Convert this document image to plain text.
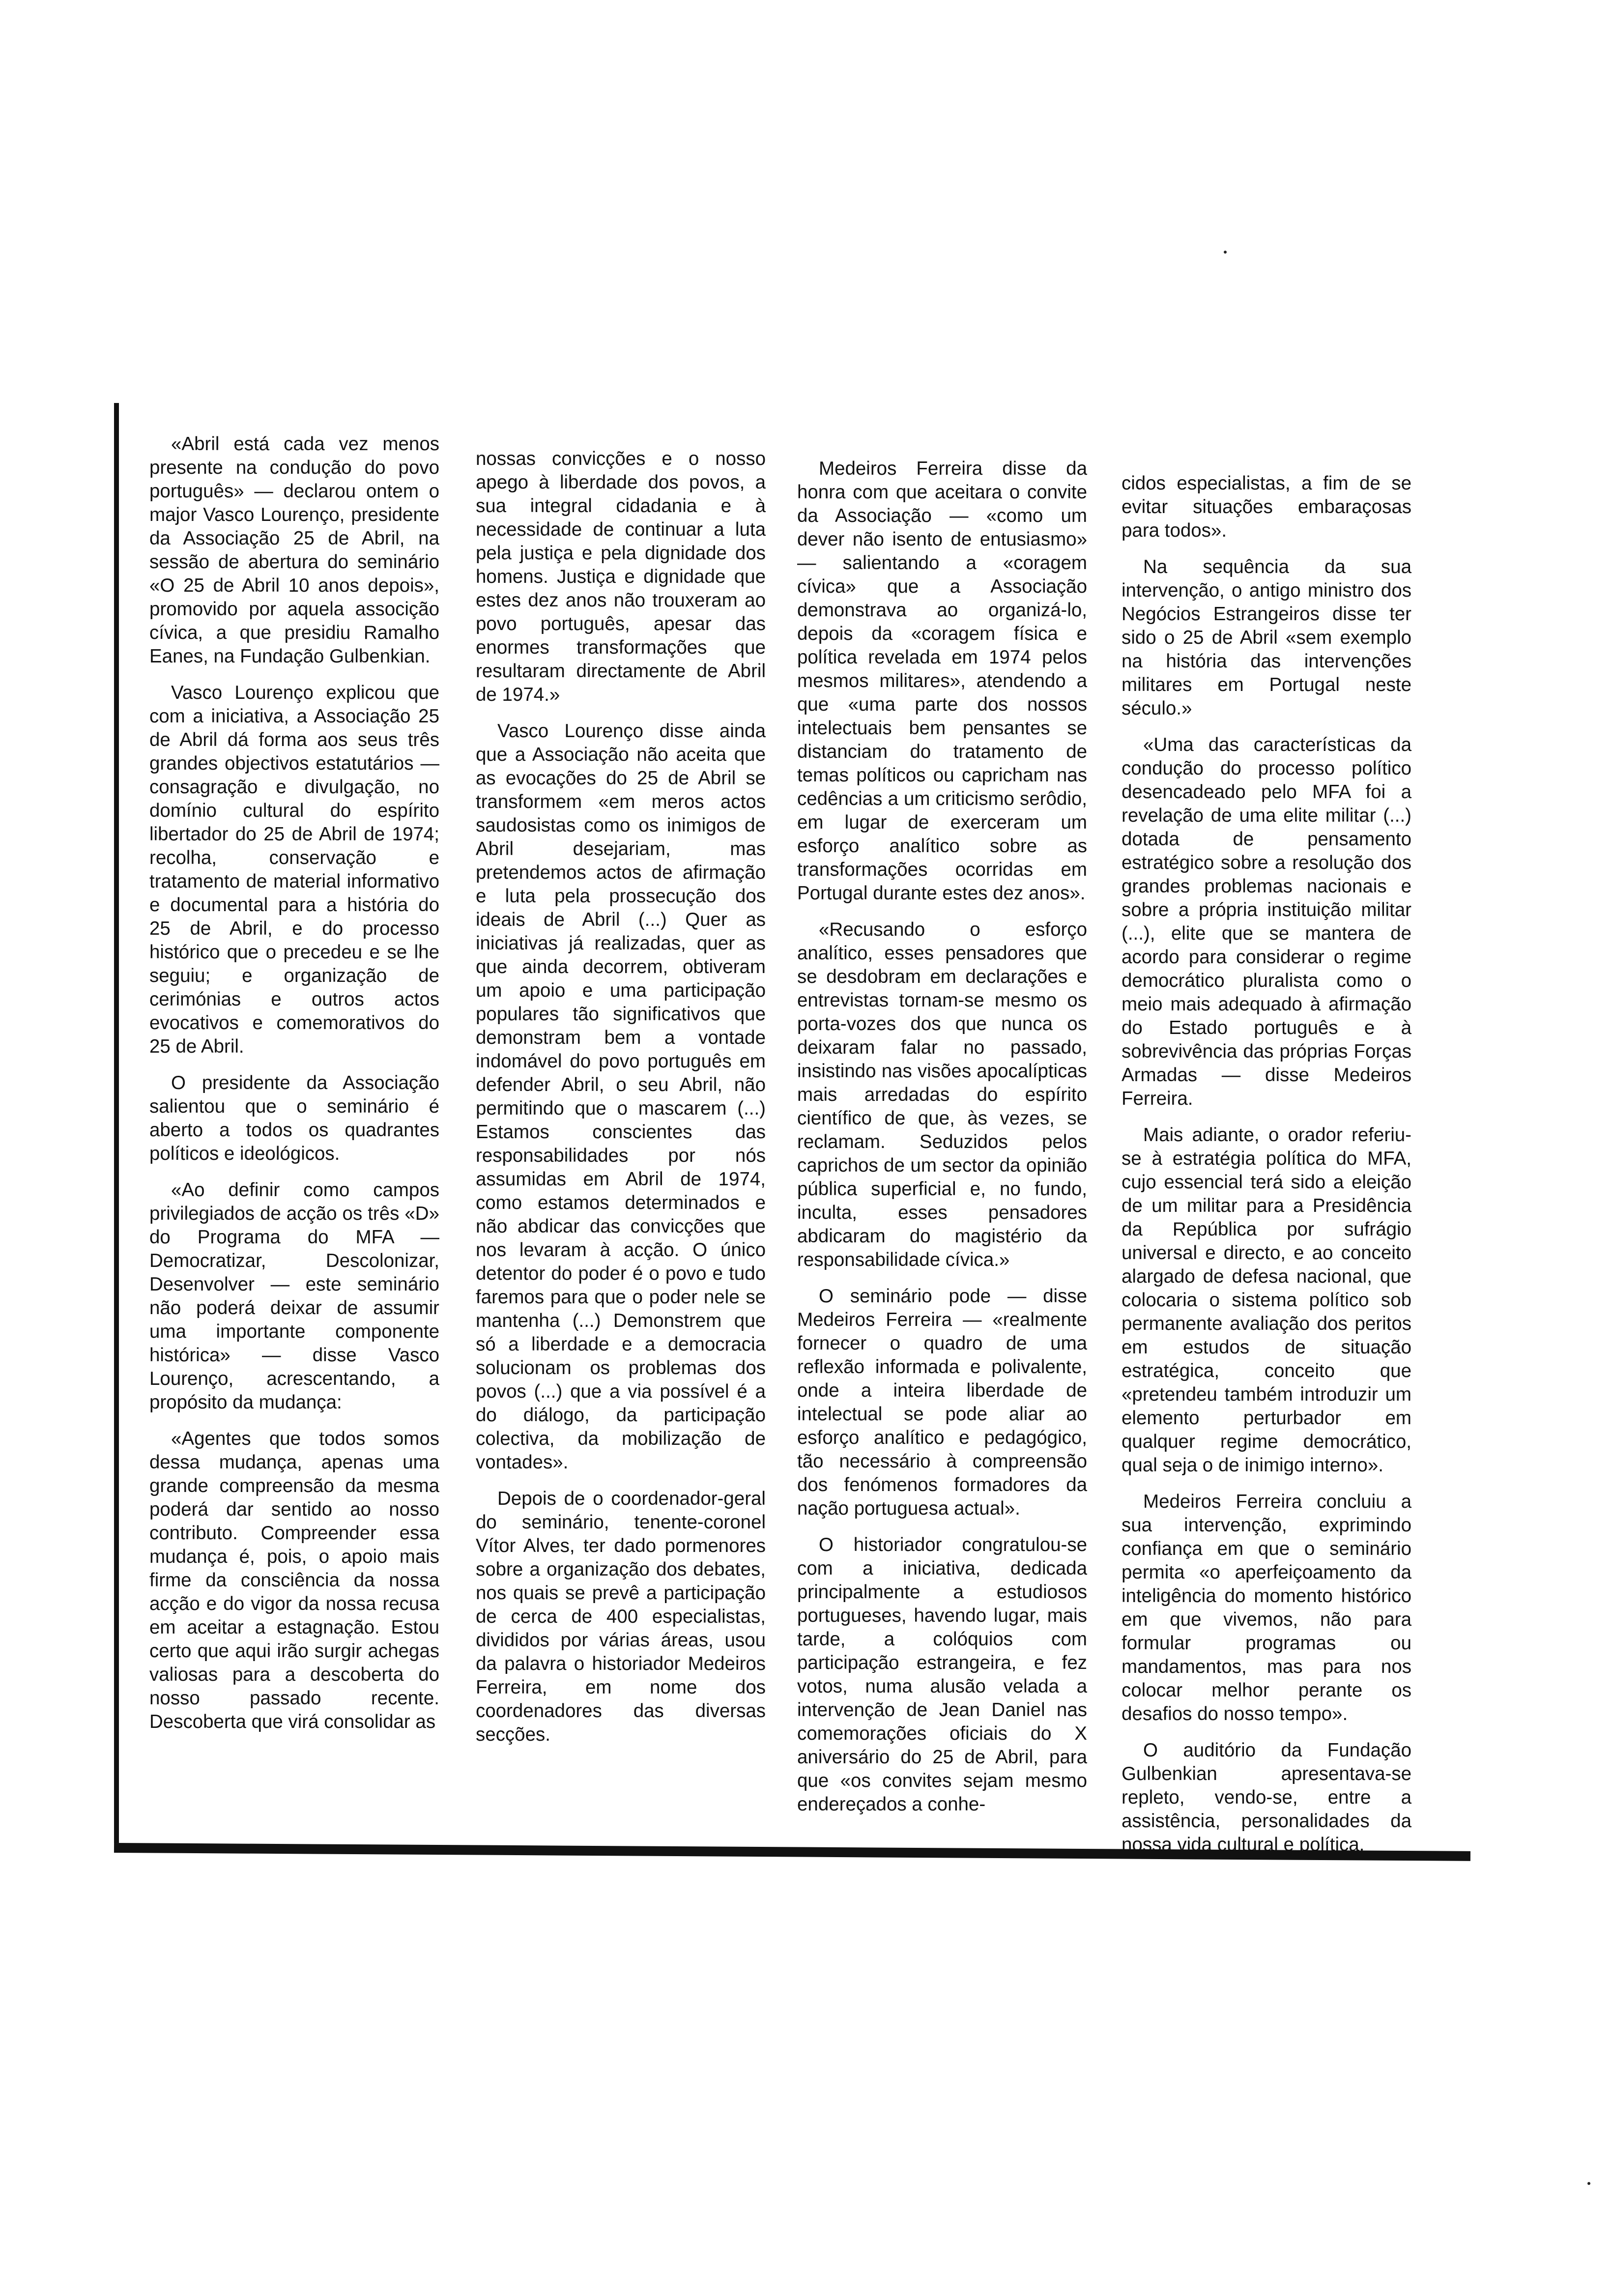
«Abril está cada vez menos presente na condução do povo português» — declarou ontem o major Vasco Lourenço, presidente da Associação 25 de Abril, na sessão de abertura do seminário «O 25 de Abril 10 anos depois», promovido por aquela associção cívica, a que presidiu Ramalho Eanes, na Fundação Gulbenkian.

Vasco Lourenço explicou que com a iniciativa, a Associação 25 de Abril dá forma aos seus três grandes objectivos estatutários — consagração e divulgação, no domínio cultural do espírito libertador do 25 de Abril de 1974; recolha, conservação e tratamento de material informativo e documental para a história do 25 de Abril, e do processo histórico que o precedeu e se lhe seguiu; e organização de cerimónias e outros actos evocativos e comemorativos do 25 de Abril.

O presidente da Associação salientou que o seminário é aberto a todos os quadrantes políticos e ideológicos.

«Ao definir como campos privilegiados de acção os três «D» do Programa do MFA — Democratizar, Descolonizar, Desenvolver — este seminário não poderá deixar de assumir uma importante componente histórica» — disse Vasco Lourenço, acrescentando, a propósito da mudança:

«Agentes que todos somos dessa mudança, apenas uma grande compreensão da mesma poderá dar sentido ao nosso contributo. Compreender essa mudança é, pois, o apoio mais firme da consciência da nossa acção e do vigor da nossa recusa em aceitar a estagnação. Estou certo que aqui irão surgir achegas valiosas para a descoberta do nosso passado recente. Descoberta que virá consolidar as

nossas convicções e o nosso apego à liberdade dos povos, a sua integral cidadania e à necessidade de continuar a luta pela justiça e pela dignidade dos homens. Justiça e dignidade que estes dez anos não trouxeram ao povo português, apesar das enormes transformações que resultaram directamente de Abril de 1974.»

Vasco Lourenço disse ainda que a Associação não aceita que as evocações do 25 de Abril se transformem «em meros actos saudosistas como os inimigos de Abril desejariam, mas pretendemos actos de afirmação e luta pela prossecução dos ideais de Abril (...) Quer as iniciativas já realizadas, quer as que ainda decorrem, obtiveram um apoio e uma participação populares tão significativos que demonstram bem a vontade indomável do povo português em defender Abril, o seu Abril, não permitindo que o mascarem (...) Estamos conscientes das responsabilidades por nós assumidas em Abril de 1974, como estamos determinados e não abdicar das convicções que nos levaram à acção. O único detentor do poder é o povo e tudo faremos para que o poder nele se mantenha (...) Demonstrem que só a liberdade e a democracia solucionam os problemas dos povos (...) que a via possível é a do diálogo, da participação colectiva, da mobilização de vontades».

Depois de o coordenador-geral do seminário, tenente-coronel Vítor Alves, ter dado pormenores sobre a organização dos debates, nos quais se prevê a participação de cerca de 400 especialistas, divididos por várias áreas, usou da palavra o historiador Medeiros Ferreira, em nome dos coordenadores das diversas secções.

Medeiros Ferreira disse da honra com que aceitara o convite da Associação — «como um dever não isento de entusiasmo» — salientando a «coragem cívica» que a Associação demonstrava ao organizá-lo, depois da «coragem física e política revelada em 1974 pelos mesmos militares», atendendo a que «uma parte dos nossos intelectuais bem pensantes se distanciam do tratamento de temas políticos ou capricham nas cedências a um criticismo serôdio, em lugar de exerceram um esforço analítico sobre as transformações ocorridas em Portugal durante estes dez anos».

«Recusando o esforço analítico, esses pensadores que se desdobram em declarações e entrevistas tornam-se mesmo os porta-vozes dos que nunca os deixaram falar no passado, insistindo nas visões apocalípticas mais arredadas do espírito científico de que, às vezes, se reclamam. Seduzidos pelos caprichos de um sector da opinião pública superficial e, no fundo, inculta, esses pensadores abdicaram do magistério da responsabilidade cívica.»

O seminário pode — disse Medeiros Ferreira — «realmente fornecer o quadro de uma reflexão informada e polivalente, onde a inteira liberdade de intelectual se pode aliar ao esforço analítico e pedagógico, tão necessário à compreensão dos fenómenos formadores da nação portuguesa actual».

O historiador congratulou-se com a iniciativa, dedicada principalmente a estudiosos portugueses, havendo lugar, mais tarde, a colóquios com participação estrangeira, e fez votos, numa alusão velada a intervenção de Jean Daniel nas comemorações oficiais do X aniversário do 25 de Abril, para que «os convites sejam mesmo endereçados a conhe-

cidos especialistas, a fim de se evitar situações embaraçosas para todos».

Na sequência da sua intervenção, o antigo ministro dos Negócios Estrangeiros disse ter sido o 25 de Abril «sem exemplo na história das intervenções militares em Portugal neste século.»

«Uma das características da condução do processo político desencadeado pelo MFA foi a revelação de uma elite militar (...) dotada de pensamento estratégico sobre a resolução dos grandes problemas nacionais e sobre a própria instituição militar (...), elite que se mantera de acordo para considerar o regime democrático pluralista como o meio mais adequado à afirmação do Estado português e à sobrevivência das próprias Forças Armadas — disse Medeiros Ferreira.

Mais adiante, o orador referiu-se à estratégia política do MFA, cujo essencial terá sido a eleição de um militar para a Presidência da República por sufrágio universal e directo, e ao conceito alargado de defesa nacional, que colocaria o sistema político sob permanente avaliação dos peritos em estudos de situação estratégica, conceito que «pretendeu também introduzir um elemento perturbador em qualquer regime democrático, qual seja o de inimigo interno».

Medeiros Ferreira concluiu a sua intervenção, exprimindo confiança em que o seminário permita «o aperfeiçoamento da inteligência do momento histórico em que vivemos, não para formular programas ou mandamentos, mas para nos colocar melhor perante os desafios do nosso tempo».

O auditório da Fundação Gulbenkian apresentava-se repleto, vendo-se, entre a assistência, personalidades da nossa vida cultural e política.
